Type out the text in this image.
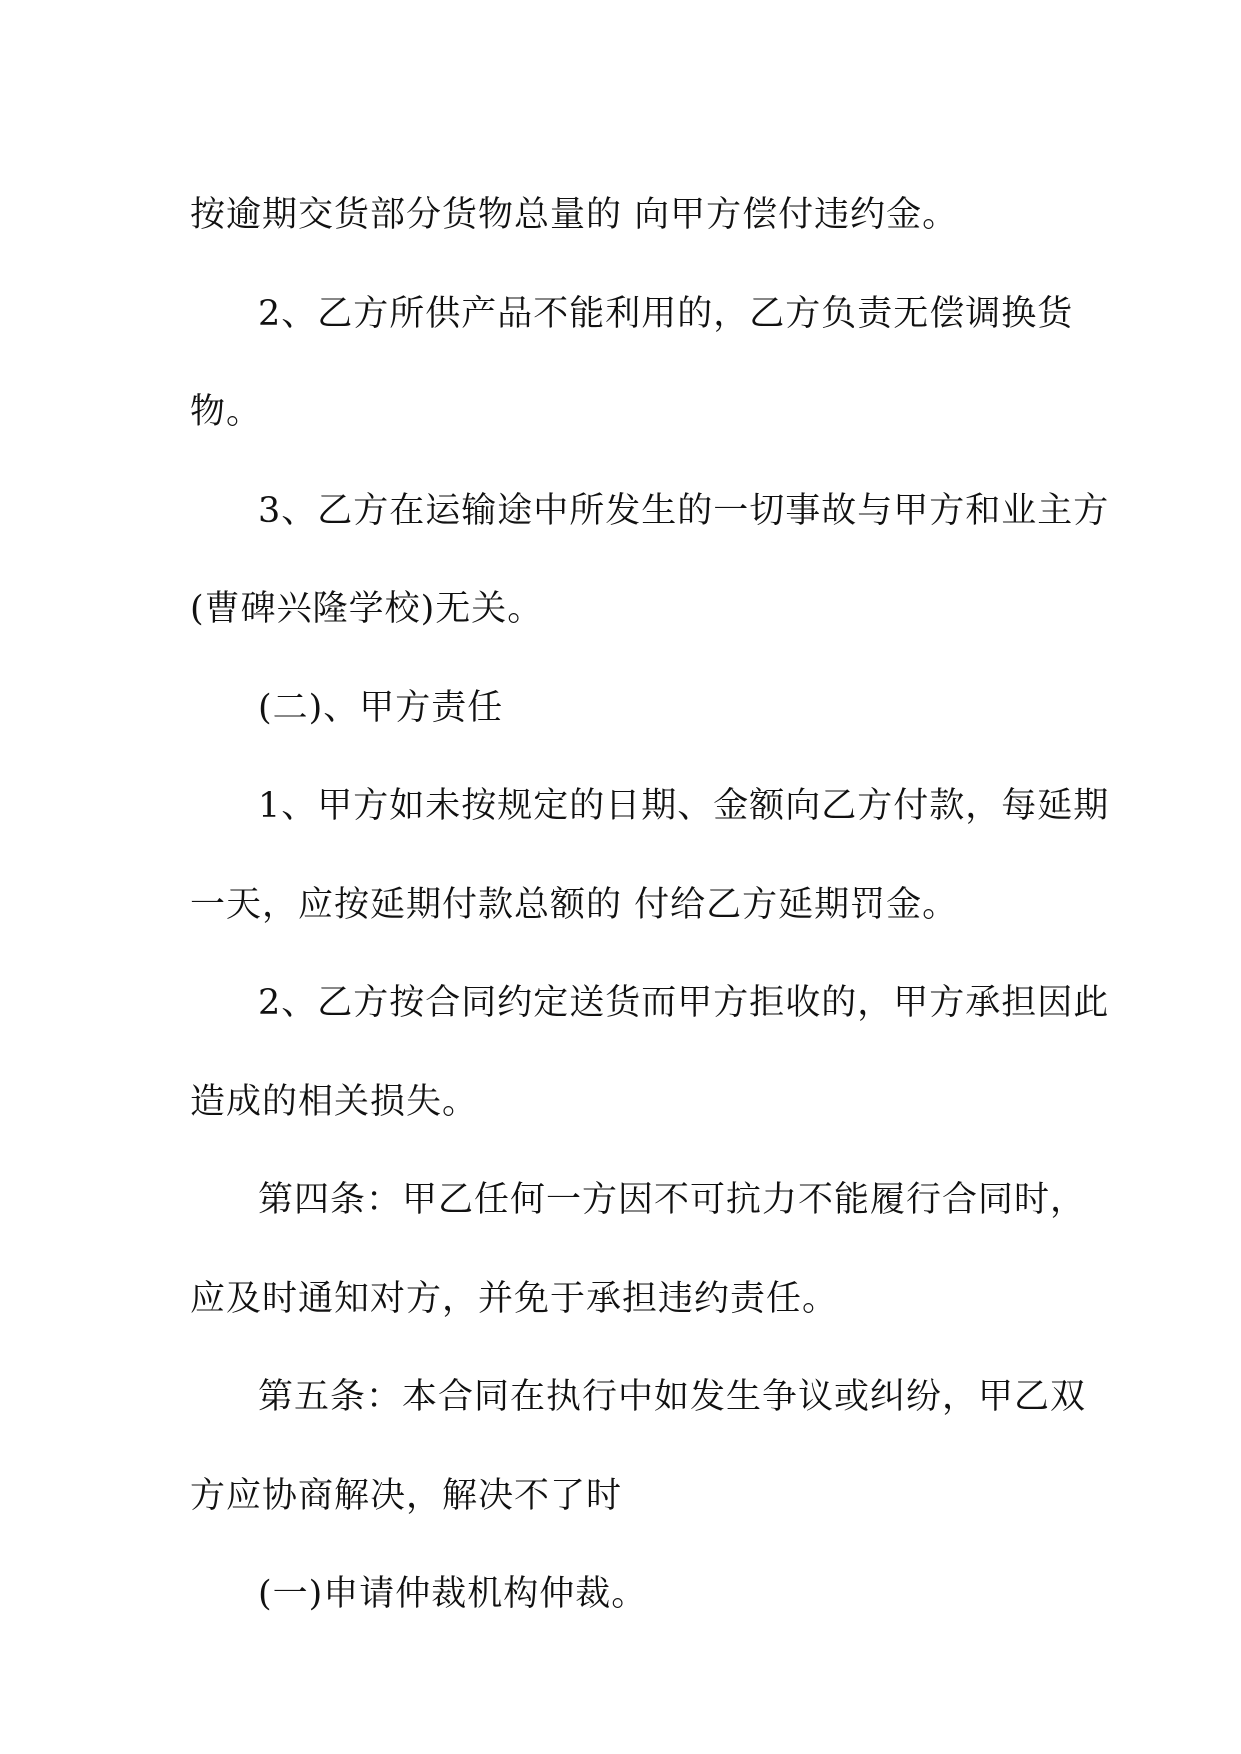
按逾期交货部分货物总量的 向甲方偿付违约金。
2、乙方所供产品不能利用的，乙方负责无偿调换货
物。
3、乙方在运输途中所发生的一切事故与甲方和业主方
(曹碑兴隆学校)无关。
(二)、甲方责任
1、甲方如未按规定的日期、金额向乙方付款，每延期
一天，应按延期付款总额的 付给乙方延期罚金。
2、乙方按合同约定送货而甲方拒收的，甲方承担因此
造成的相关损失。
第四条：甲乙任何一方因不可抗力不能履行合同时，
应及时通知对方，并免于承担违约责任。
第五条：本合同在执行中如发生争议或纠纷，甲乙双
方应协商解决，解决不了时
(一)申请仲裁机构仲裁。
